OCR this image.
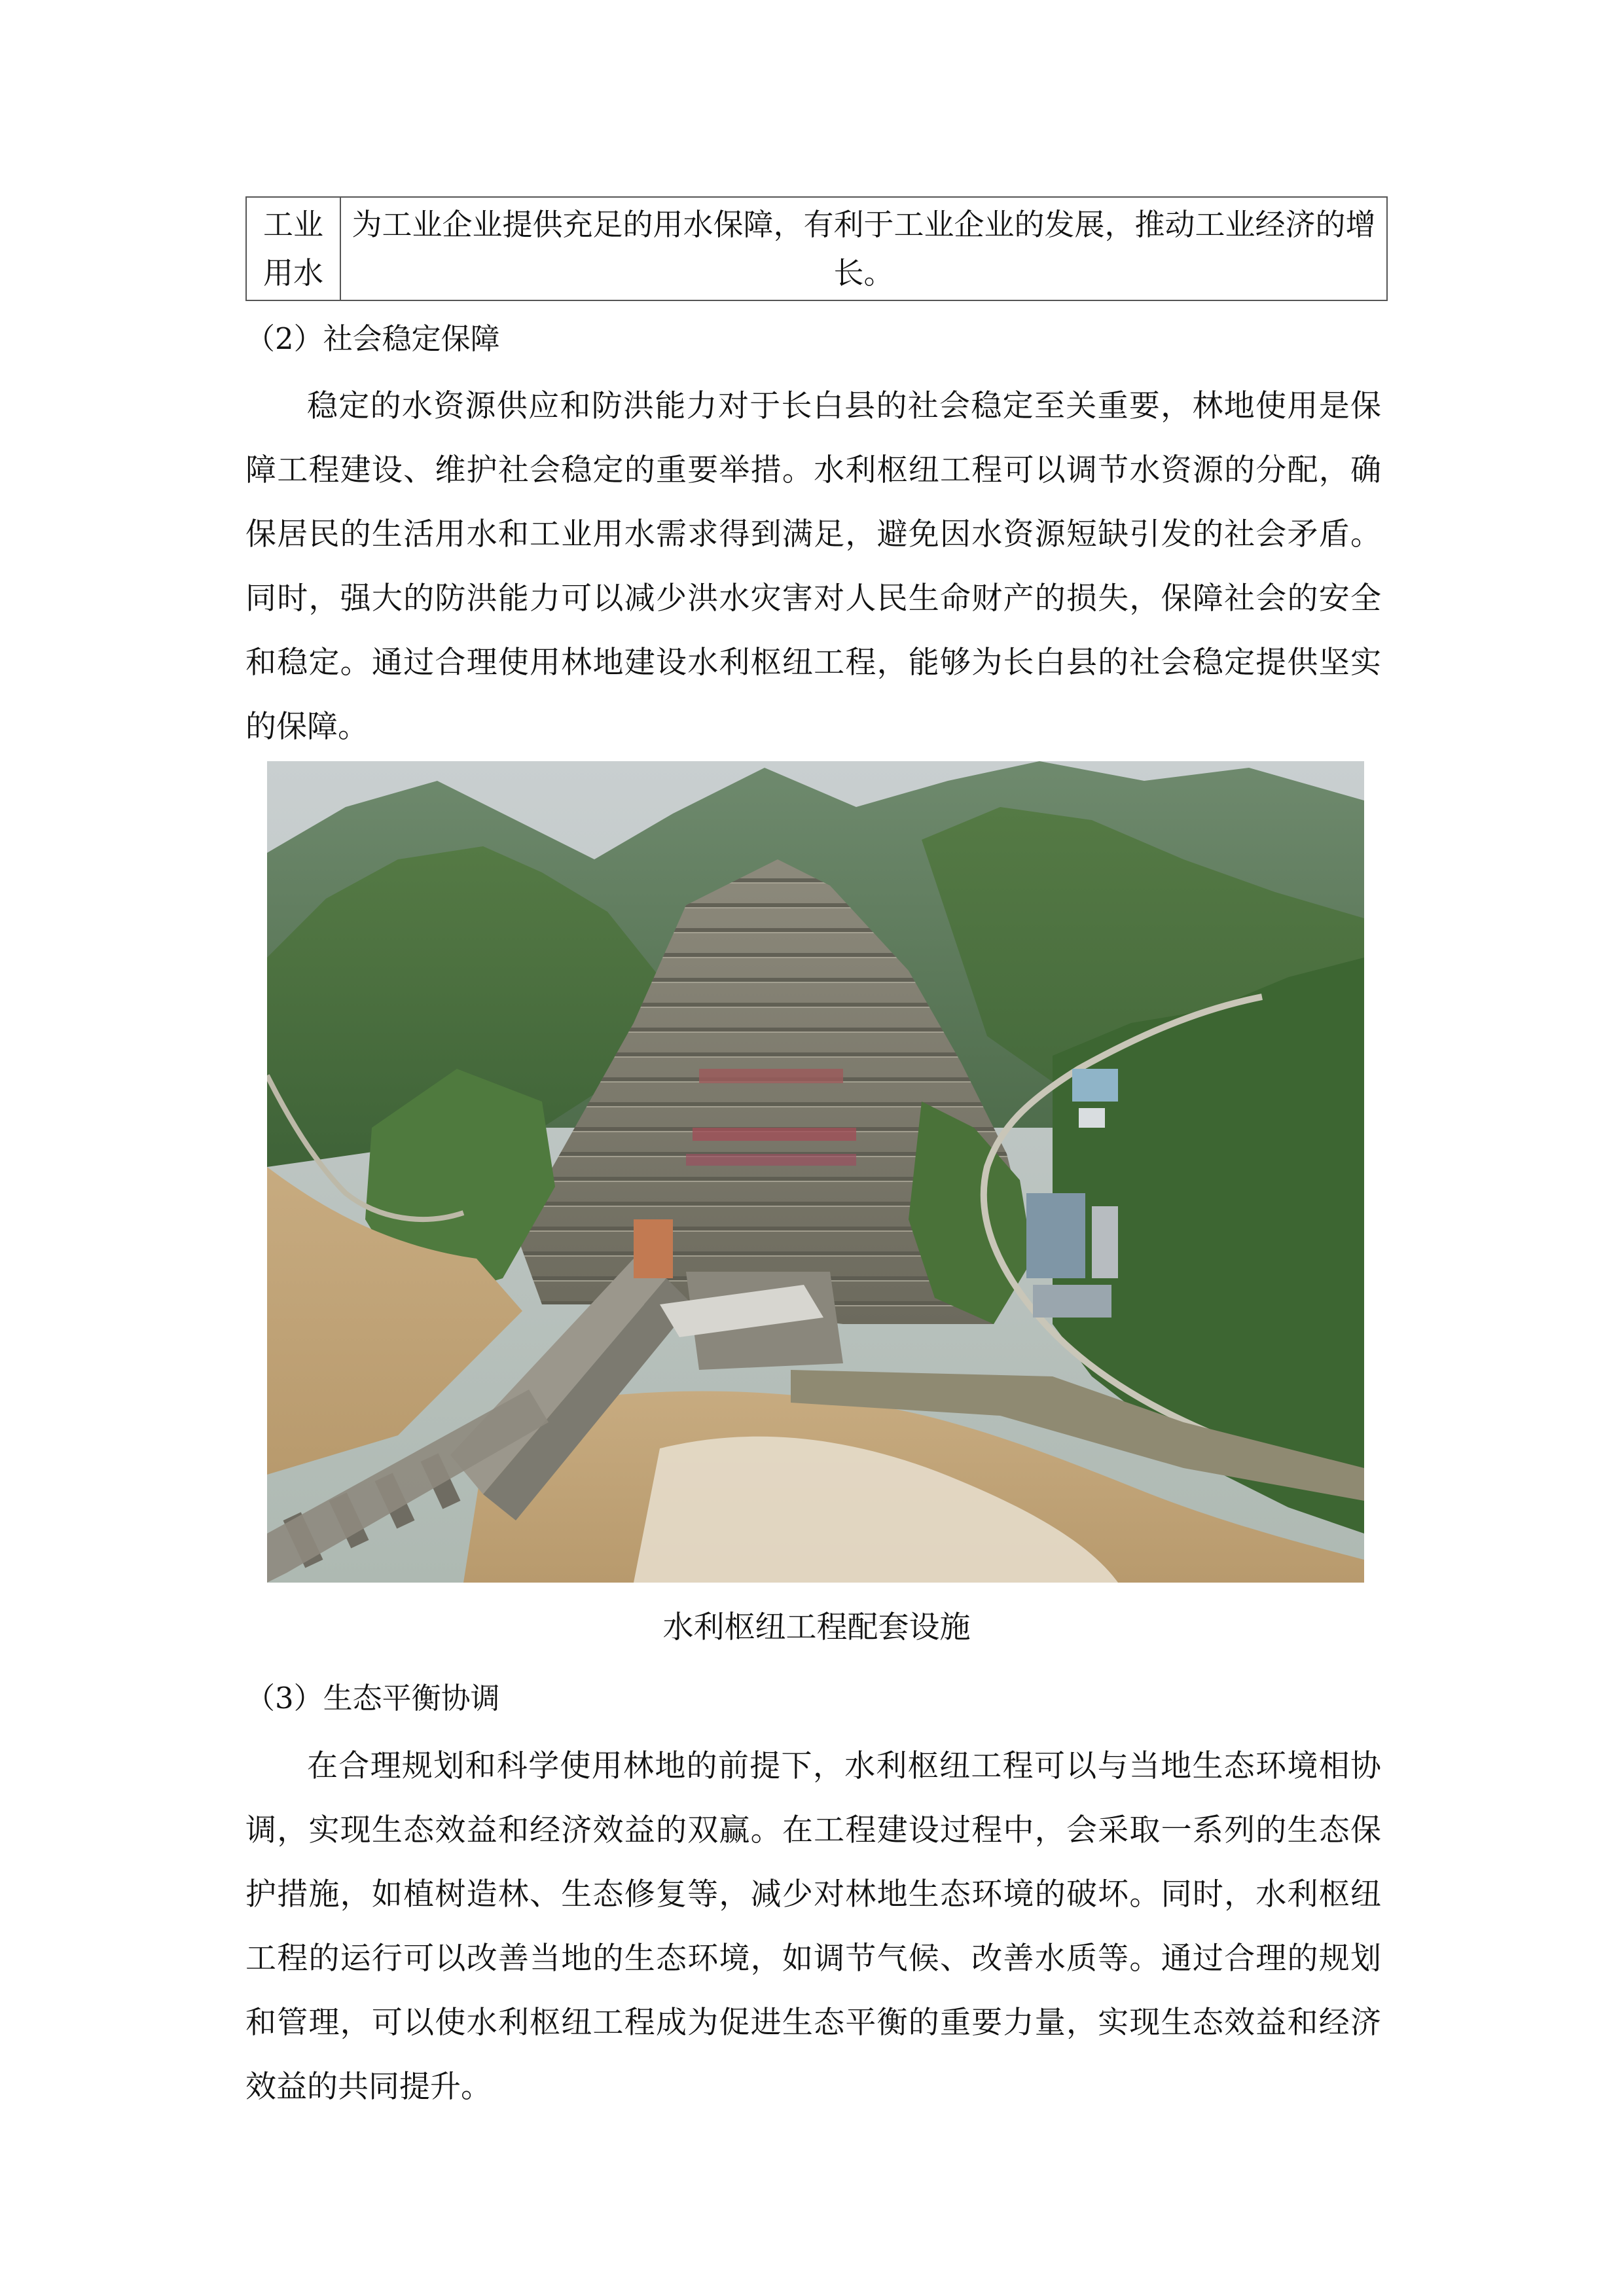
工业用水	为工业企业提供充足的用水保障，有利于工业企业的发展，推动工业经济的增长。
（2）社会稳定保障

稳定的水资源供应和防洪能力对于长白县的社会稳定至关重要，林地使用是保障工程建设、维护社会稳定的重要举措。水利枢纽工程可以调节水资源的分配，确保居民的生活用水和工业用水需求得到满足，避免因水资源短缺引发的社会矛盾。同时，强大的防洪能力可以减少洪水灾害对人民生命财产的损失，保障社会的安全和稳定。通过合理使用林地建设水利枢纽工程，能够为长白县的社会稳定提供坚实的保障。

水利枢纽工程配套设施
（3）生态平衡协调

在合理规划和科学使用林地的前提下，水利枢纽工程可以与当地生态环境相协调，实现生态效益和经济效益的双赢。在工程建设过程中，会采取一系列的生态保护措施，如植树造林、生态修复等，减少对林地生态环境的破坏。同时，水利枢纽工程的运行可以改善当地的生态环境，如调节气候、改善水质等。通过合理的规划和管理，可以使水利枢纽工程成为促进生态平衡的重要力量，实现生态效益和经济效益的共同提升。
